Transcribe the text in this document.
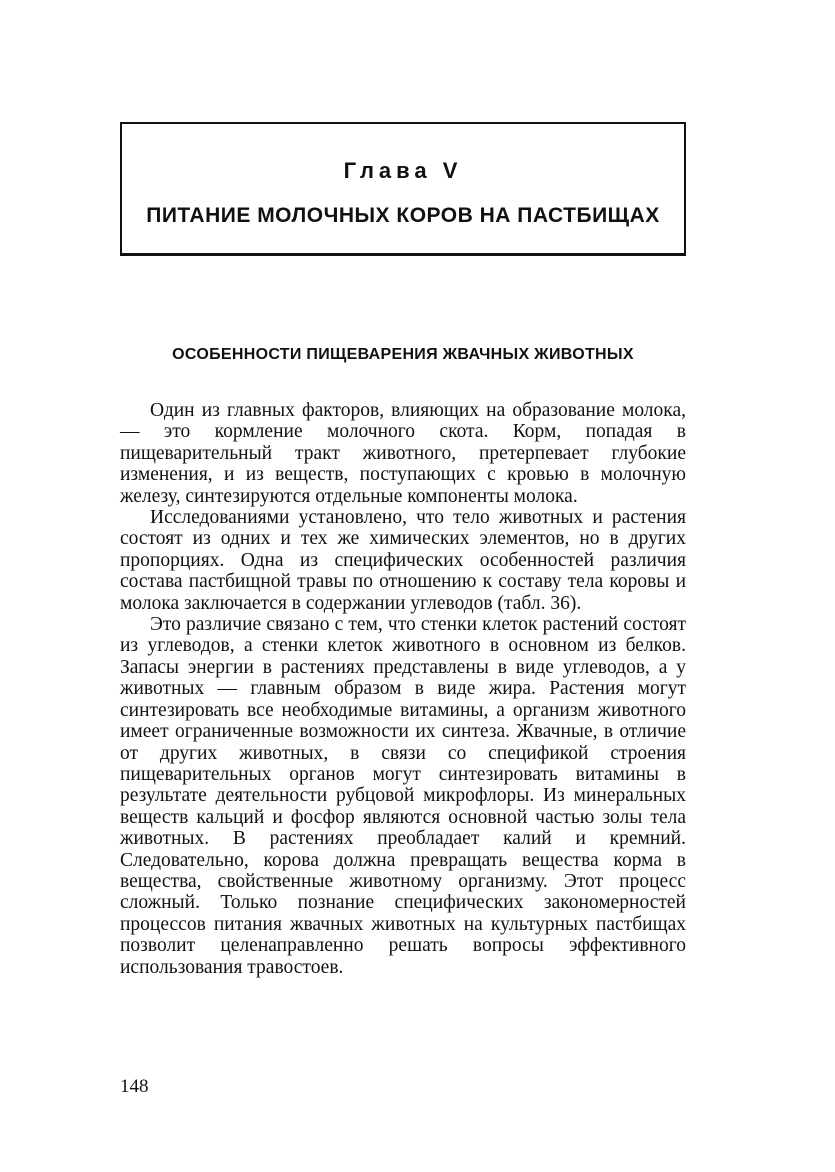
Глава V
ПИТАНИЕ МОЛОЧНЫХ КОРОВ НА ПАСТБИЩАХ
ОСОБЕННОСТИ ПИЩЕВАРЕНИЯ ЖВАЧНЫХ ЖИВОТНЫХ

Один из главных факторов, влияющих на образование молока,— это кормление молочного скота. Корм, попадая в пищеварительный тракт животного, претерпевает глубокие изменения, и из веществ, поступающих с кровью в молочную железу, синтезируются отдельные компоненты молока.

Исследованиями установлено, что тело животных и растения состоят из одних и тех же химических элементов, но в других пропорциях. Одна из специфических особенностей различия состава пастбищной травы по отношению к составу тела коровы и молока заключается в содержании углеводов (табл. 36).

Это различие связано с тем, что стенки клеток растений состоят из углеводов, а стенки клеток животного в основном из белков. Запасы энергии в растениях представлены в виде углеводов, а у животных — главным образом в виде жира. Растения могут синтезировать все необходимые витамины, а организм животного имеет ограниченные возможности их синтеза. Жвачные, в отличие от других животных, в связи со спецификой строения пищеварительных органов могут синтезировать витамины в результате деятельности рубцовой микрофлоры. Из минеральных веществ кальций и фосфор являются основной частью золы тела животных. В растениях преобладает калий и кремний. Следовательно, корова должна превращать вещества корма в вещества, свойственные животному организму. Этот процесс сложный. Только познание специфических закономерностей процессов питания жвачных животных на культурных пастбищах позволит целенаправленно решать вопросы эффективного использования травостоев.

148
